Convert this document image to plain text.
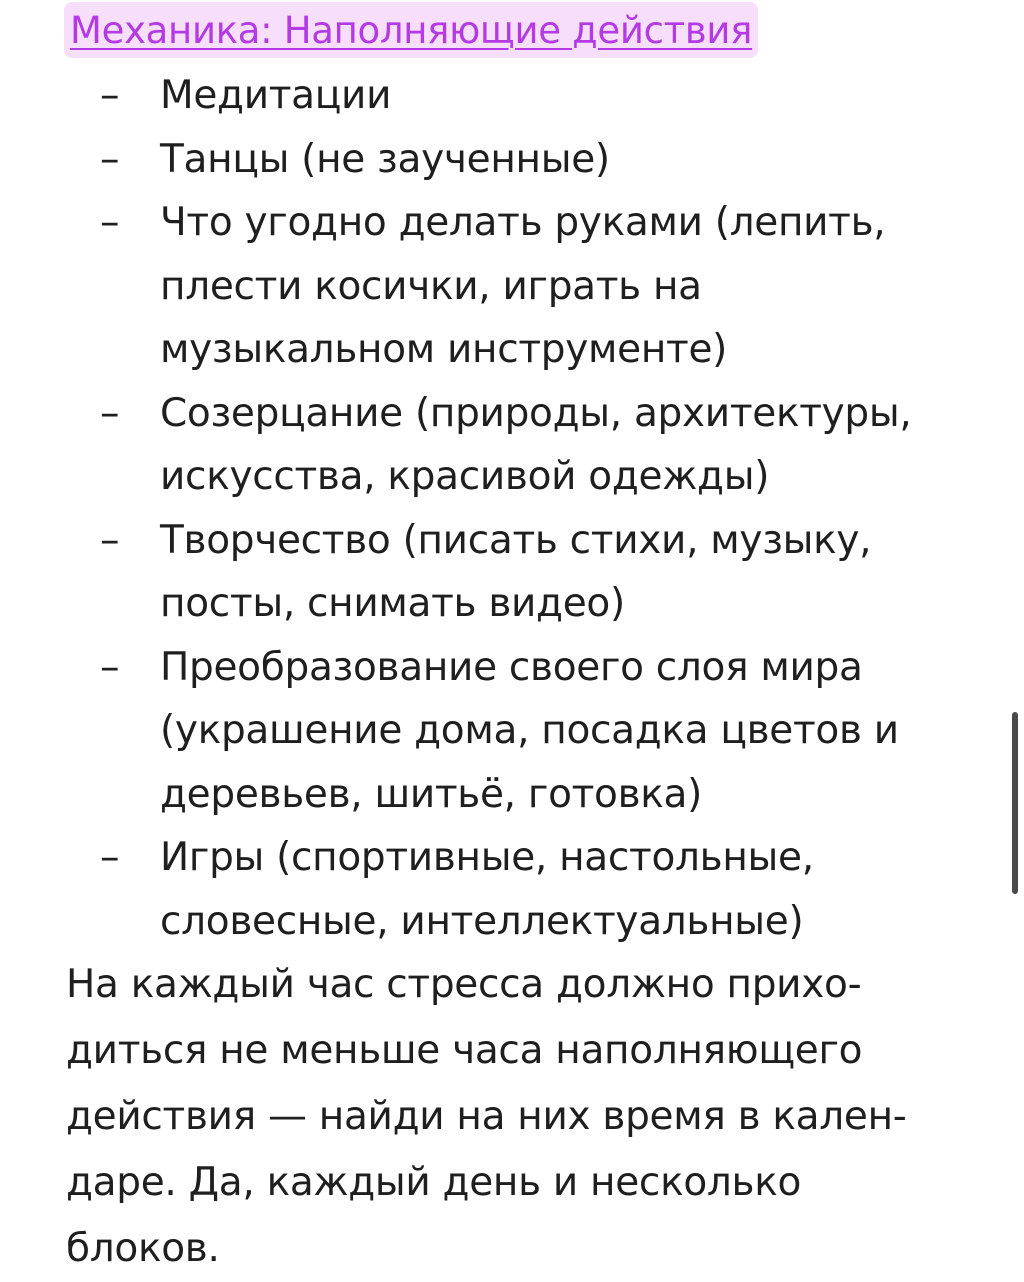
Механика: Наполняющие действия
– Медитации
– Танцы (не заученные)
– Что угодно делать руками (лепить,
плести косички, играть на
музыкальном инструменте)
– Созерцание (природы, архитектуры,
искусства, красивой одежды)
– Творчество (писать стихи, музыку,
посты, снимать видео)
– Преобразование своего слоя мира
(украшение дома, посадка цветов и
деревьев, шитьё, готовка)
– Игры (спортивные, настольные,
словесные, интеллектуальные)

На каждый час стресса должно прихо-
диться не меньше часа наполняющего
действия — найди на них время в кален-
даре. Да, каждый день и несколько
блоков.
